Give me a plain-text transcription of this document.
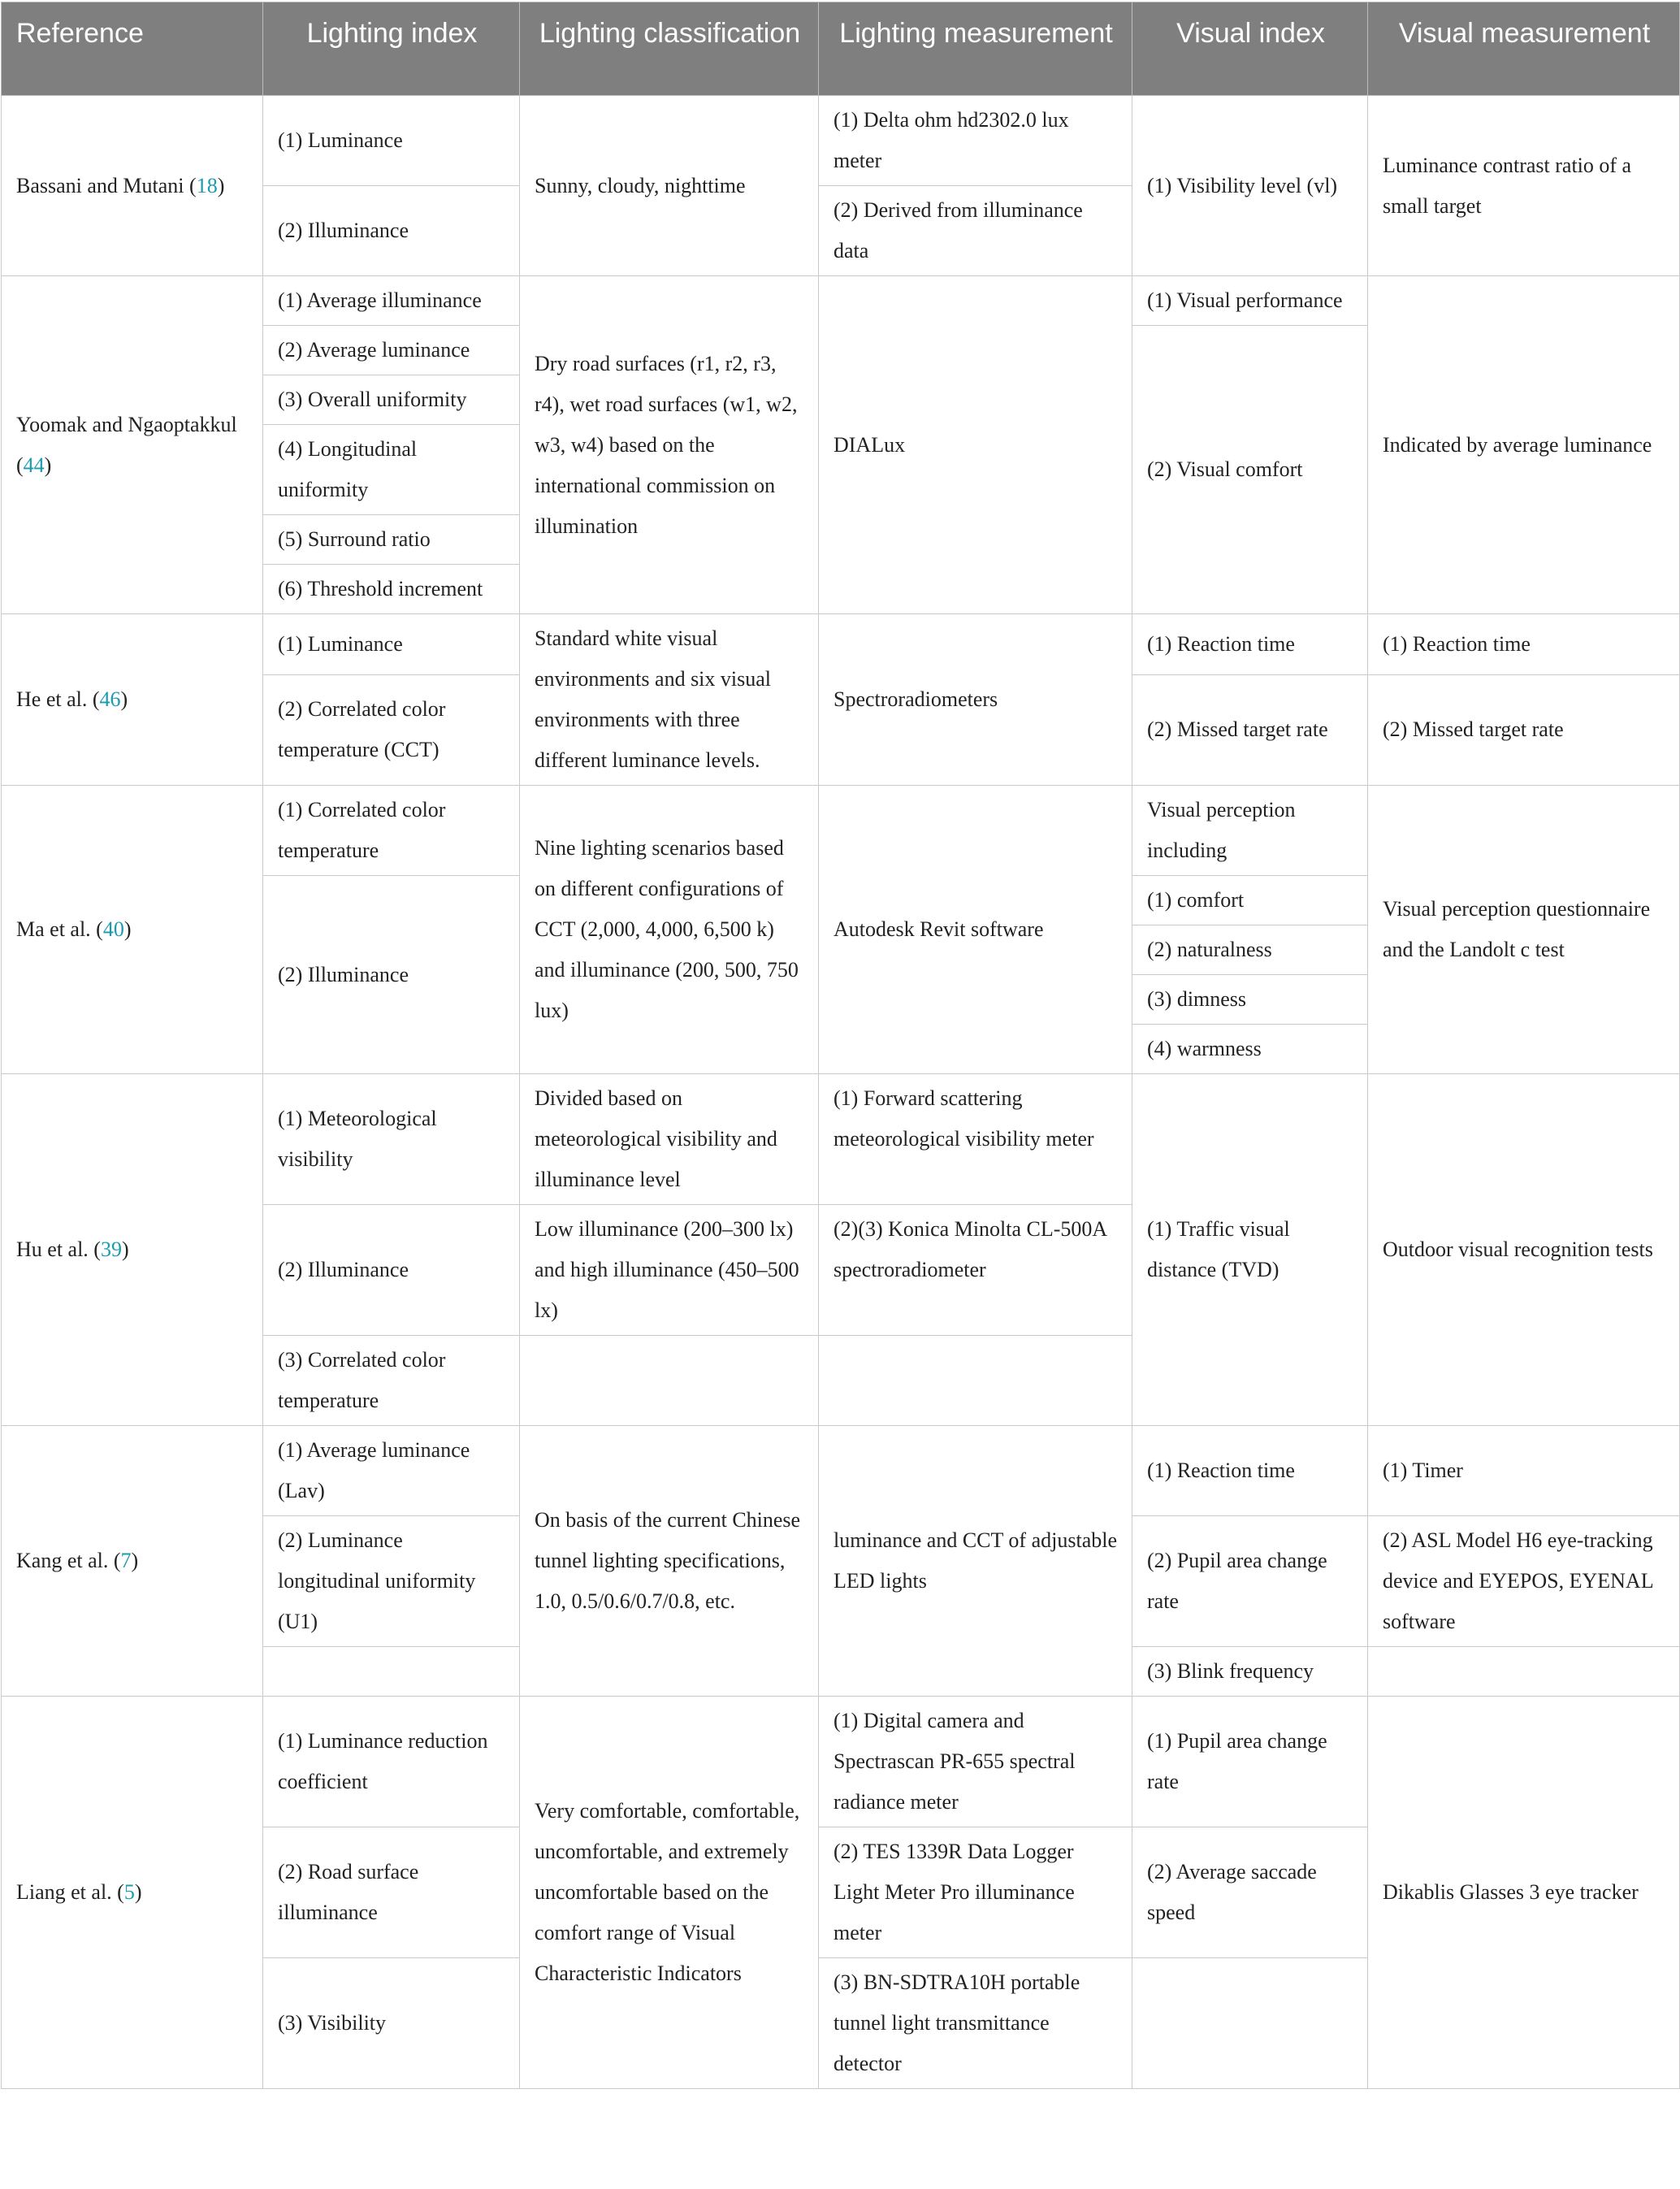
Reference	Lighting index	Lighting classification	Lighting measurement	Visual index	Visual measurement
Bassani and Mutani (18)	(1) Luminance	Sunny, cloudy, nighttime	(1) Delta ohm hd2302.0 lux meter	(1) Visibility level (vl)	Luminance contrast ratio of a small target
	(2) Illuminance		(2) Derived from illuminance data		
Yoomak and Ngaoptakkul (44)	(1) Average illuminance	Dry road surfaces (r1, r2, r3, r4), wet road surfaces (w1, w2, w3, w4) based on the international commission on illumination	DIALux	(1) Visual performance	Indicated by average luminance
	(2) Average luminance			(2) Visual comfort	
	(3) Overall uniformity				
	(4) Longitudinal uniformity				
	(5) Surround ratio				
	(6) Threshold increment				
He et al. (46)	(1) Luminance	Standard white visual environments and six visual environments with three different luminance levels.	Spectroradiometers	(1) Reaction time	(1) Reaction time
	(2) Correlated color temperature (CCT)			(2) Missed target rate	(2) Missed target rate
Ma et al. (40)	(1) Correlated color temperature	Nine lighting scenarios based on different configurations of CCT (2,000, 4,000, 6,500 k) and illuminance (200, 500, 750 lux)	Autodesk Revit software	Visual perception including	Visual perception questionnaire and the Landolt c test
	(2) Illuminance			(1) comfort	
				(2) naturalness	
				(3) dimness	
				(4) warmness	
Hu et al. (39)	(1) Meteorological visibility	Divided based on meteorological visibility and illuminance level	(1) Forward scattering meteorological visibility meter	(1) Traffic visual distance (TVD)	Outdoor visual recognition tests
	(2) Illuminance	Low illuminance (200–300 lx) and high illuminance (450–500 lx)	(2)(3) Konica Minolta CL-500A spectroradiometer		
	(3) Correlated color temperature				
Kang et al. (7)	(1) Average luminance (Lav)	On basis of the current Chinese tunnel lighting specifications, 1.0, 0.5/0.6/0.7/0.8, etc.	luminance and CCT of adjustable LED lights	(1) Reaction time	(1) Timer
	(2) Luminance longitudinal uniformity (U1)			(2) Pupil area change rate	(2) ASL Model H6 eye-tracking device and EYEPOS, EYENAL software
				(3) Blink frequency	
Liang et al. (5)	(1) Luminance reduction coefficient	Very comfortable, comfortable, uncomfortable, and extremely uncomfortable based on the comfort range of Visual Characteristic Indicators	(1) Digital camera and Spectrascan PR-655 spectral radiance meter	(1) Pupil area change rate	Dikablis Glasses 3 eye tracker
	(2) Road surface illuminance		(2) TES 1339R Data Logger Light Meter Pro illuminance meter	(2) Average saccade speed	
	(3) Visibility		(3) BN-SDTRA10H portable tunnel light transmittance detector		
